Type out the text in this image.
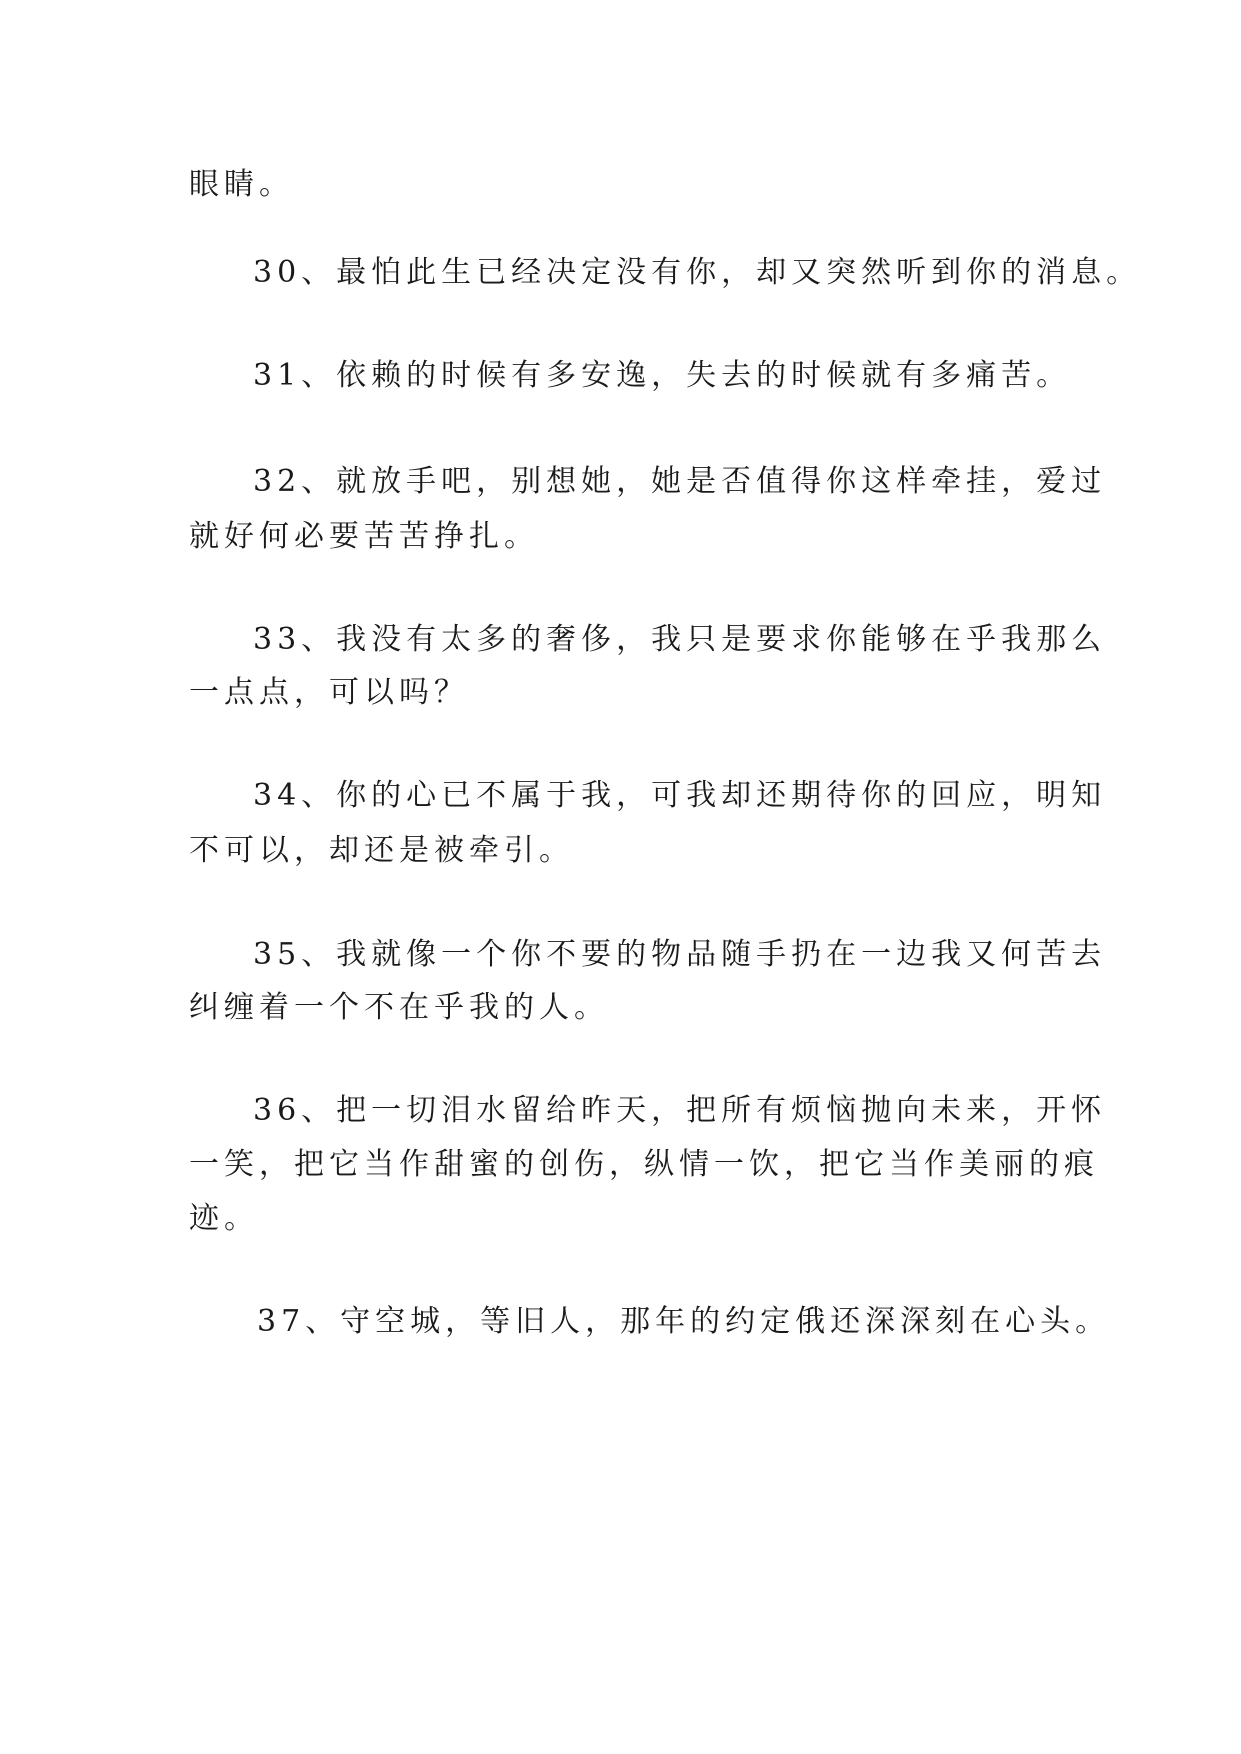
眼睛。
30、最怕此生已经决定没有你，却又突然听到你的消息。
31、依赖的时候有多安逸，失去的时候就有多痛苦。
32、就放手吧，别想她，她是否值得你这样牵挂，爱过
就好何必要苦苦挣扎。
33、我没有太多的奢侈，我只是要求你能够在乎我那么
一点点，可以吗？
34、你的心已不属于我，可我却还期待你的回应，明知
不可以，却还是被牵引。
35、我就像一个你不要的物品随手扔在一边我又何苦去
纠缠着一个不在乎我的人。
36、把一切泪水留给昨天，把所有烦恼抛向未来，开怀
一笑，把它当作甜蜜的创伤，纵情一饮，把它当作美丽的痕
迹。
37、守空城，等旧人，那年的约定俄还深深刻在心头。
